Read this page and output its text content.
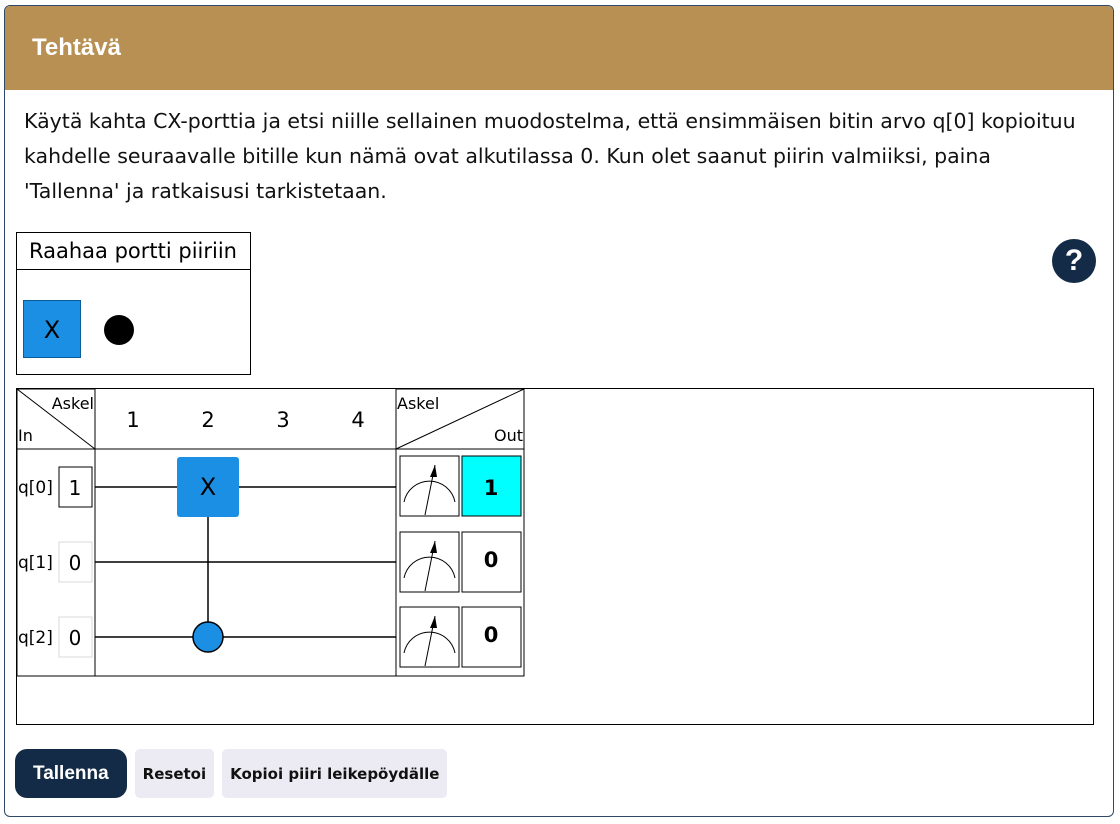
Tehtävä

Käytä kahta CX-porttia ja etsi niille sellainen muodostelma, että ensimmäisen bitin arvo q[0] kopioituu kahdelle seuraavalle bitille kun nämä ovat alkutilassa 0. Kun olet saanut piirin valmiiksi, paina 'Tallenna' ja ratkaisusi tarkistetaan.

?
Raahaa portti piiriin
X
Askel
In
1	2	3	4
q[0] 1
q[1] 0
q[2] 0
X
Askel
Out
1
0
0
Tallenna	Resetoi	Kopioi piiri leikepöydälle
